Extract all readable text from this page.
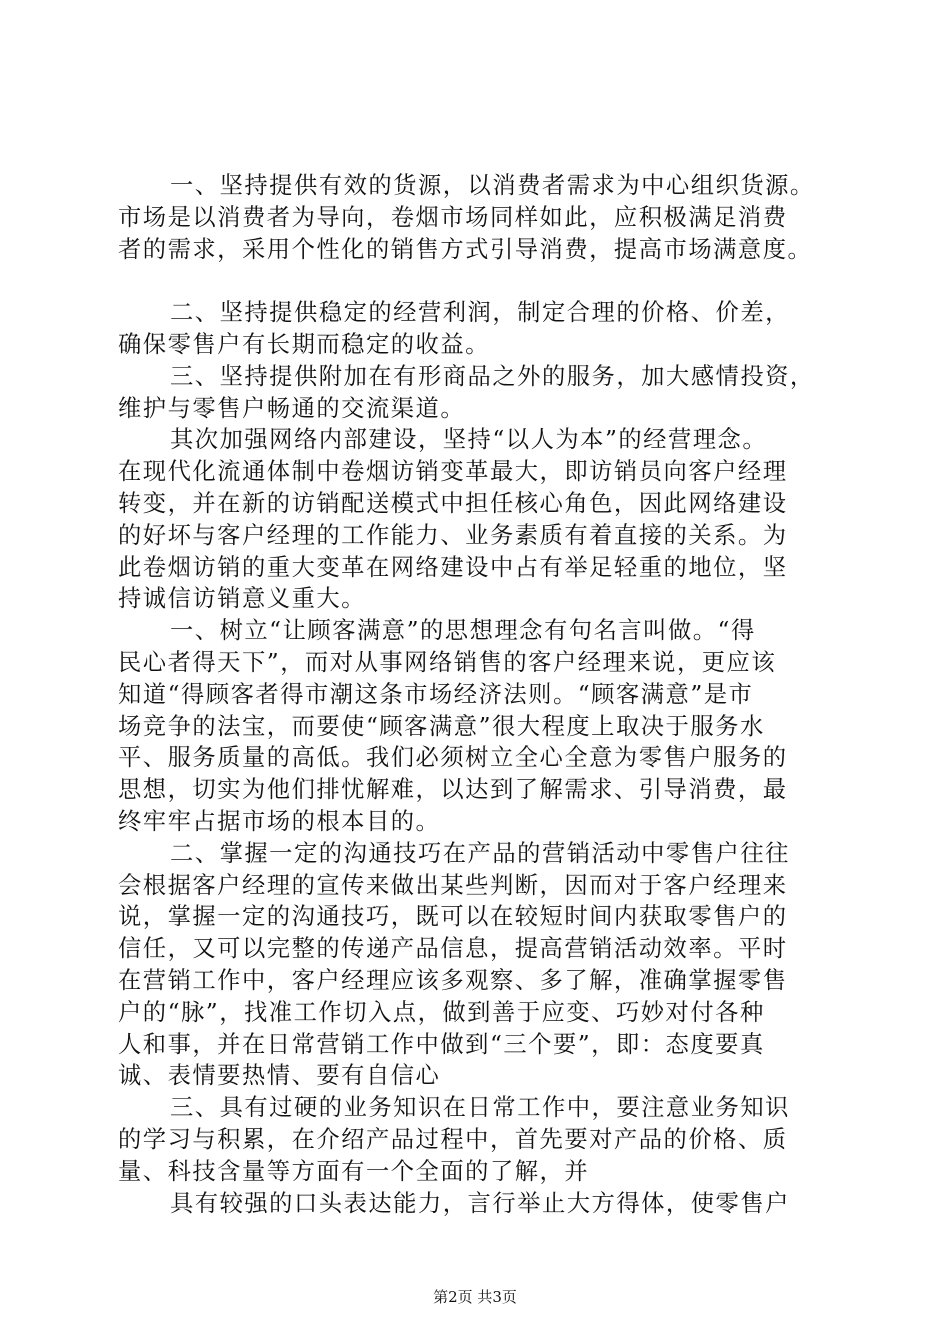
一、坚持提供有效的货源，以消费者需求为中心组织货源。
市场是以消费者为导向，卷烟市场同样如此，应积极满足消费
者的需求，采用个性化的销售方式引导消费，提高市场满意度。
二、坚持提供稳定的经营利润，制定合理的价格、价差，
确保零售户有长期而稳定的收益。
三、坚持提供附加在有形商品之外的服务，加大感情投资，
维护与零售户畅通的交流渠道。
其次加强网络内部建设，坚持“以人为本”的经营理念。
在现代化流通体制中卷烟访销变革最大，即访销员向客户经理
转变，并在新的访销配送模式中担任核心角色，因此网络建设
的好坏与客户经理的工作能力、业务素质有着直接的关系。为
此卷烟访销的重大变革在网络建设中占有举足轻重的地位，坚
持诚信访销意义重大。
一、树立“让顾客满意”的思想理念有句名言叫做。“得
民心者得天下”，而对从事网络销售的客户经理来说，更应该
知道“得顾客者得市潮这条市场经济法则。“顾客满意”是市
场竞争的法宝，而要使“顾客满意”很大程度上取决于服务水
平、服务质量的高低。我们必须树立全心全意为零售户服务的
思想，切实为他们排忧解难，以达到了解需求、引导消费，最
终牢牢占据市场的根本目的。
二、掌握一定的沟通技巧在产品的营销活动中零售户往往
会根据客户经理的宣传来做出某些判断，因而对于客户经理来
说，掌握一定的沟通技巧，既可以在较短时间内获取零售户的
信任，又可以完整的传递产品信息，提高营销活动效率。平时
在营销工作中，客户经理应该多观察、多了解，准确掌握零售
户的“脉”，找准工作切入点，做到善于应变、巧妙对付各种
人和事，并在日常营销工作中做到“三个要”，即：态度要真
诚、表情要热情、要有自信心
三、具有过硬的业务知识在日常工作中，要注意业务知识
的学习与积累，在介绍产品过程中，首先要对产品的价格、质
量、科技含量等方面有一个全面的了解，并
具有较强的口头表达能力，言行举止大方得体，使零售户
第2页 共3页
